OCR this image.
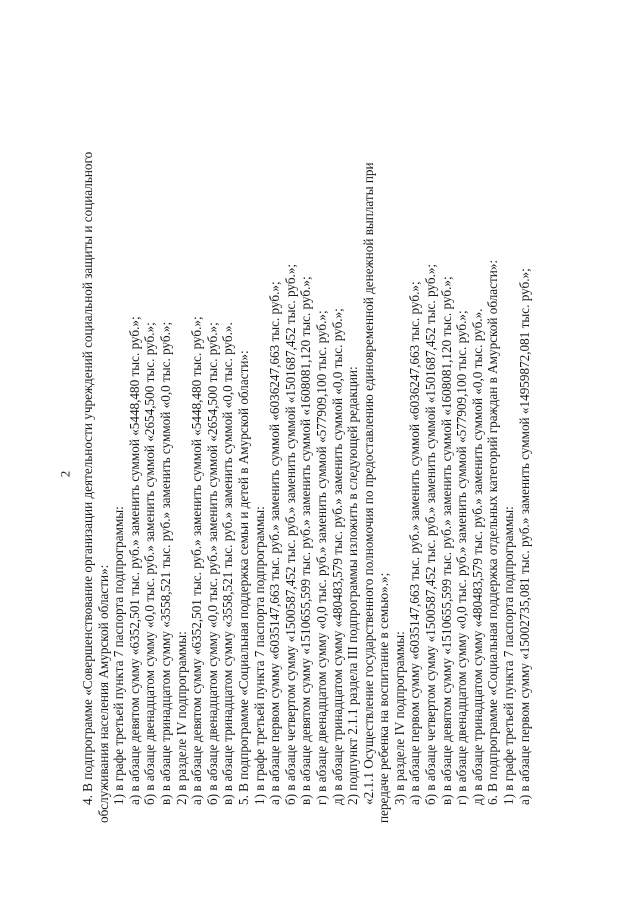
2 4. В подпрограмме «Совершенствование организации деятельности учреждений социальной защиты и социального обслуживания населения Амурской области»: 1) в графе третьей пункта 7 паспорта подпрограммы: а) в абзаце девятом сумму «6352,501 тыс. руб.» заменить суммой «5448,480 тыс. руб.»; б) в абзаце двенадцатом сумму «0,0 тыс. руб.» заменить суммой «2654,500 тыс. руб.»; в) в абзаце тринадцатом сумму «3558,521 тыс. руб.» заменить суммой «0,0 тыс. руб.»; 2) в разделе IV подпрограммы: а) в абзаце девятом сумму «6352,501 тыс. руб.» заменить суммой «5448,480 тыс. руб.»; б) в абзаце двенадцатом сумму «0,0 тыс. руб.» заменить суммой «2654,500 тыс. руб.»; в) в абзаце тринадцатом сумму «3558,521 тыс. руб.» заменить суммой «0,0 тыс. руб.». 5. В подпрограмме «Социальная поддержка семьи и детей в Амурской области»: 1) в графе третьей пункта 7 паспорта подпрограммы: а) в абзаце первом сумму «6035147,663 тыс. руб.» заменить суммой «6036247,663 тыс. руб.»; б) в абзаце четвертом сумму «1500587,452 тыс. руб.» заменить суммой «1501687,452 тыс. руб.»; в) в абзаце девятом сумму «1510655,599 тыс. руб.» заменить суммой «1608081,120 тыс. руб.»; г) в абзаце двенадцатом сумму «0,0 тыс. руб.» заменить суммой «577909,100 тыс. руб.»; д) в абзаце тринадцатом сумму «480483,579 тыс. руб.» заменить суммой «0,0 тыс. руб.»; 2) подпункт 2.1.1 раздела III подпрограммы изложить в следующей редакции: «2.1.1 Осуществление государственного полномочия по предоставлению единовременной денежной выплаты при передаче ребенка на воспитание в семью».»; 3) в разделе IV подпрограммы: а) в абзаце первом сумму «6035147,663 тыс. руб.» заменить суммой «6036247,663 тыс. руб.»; б) в абзаце четвертом сумму «1500587,452 тыс. руб.» заменить суммой «1501687,452 тыс. руб.»; в) в абзаце девятом сумму «1510655,599 тыс. руб.» заменить суммой «1608081,120 тыс. руб.»; г) в абзаце двенадцатом сумму «0,0 тыс. руб.» заменить суммой «577909,100 тыс. руб.»; д) в абзаце тринадцатом сумму «480483,579 тыс. руб.» заменить суммой «0,0 тыс. руб.». 6. В подпрограмме «Социальная поддержка отдельных категорий граждан в Амурской области»: 1) в графе третьей пункта 7 паспорта подпрограммы: а) в абзаце первом сумму «15002735,081 тыс. руб.» заменить суммой «14959872,081 тыс. руб.»;
